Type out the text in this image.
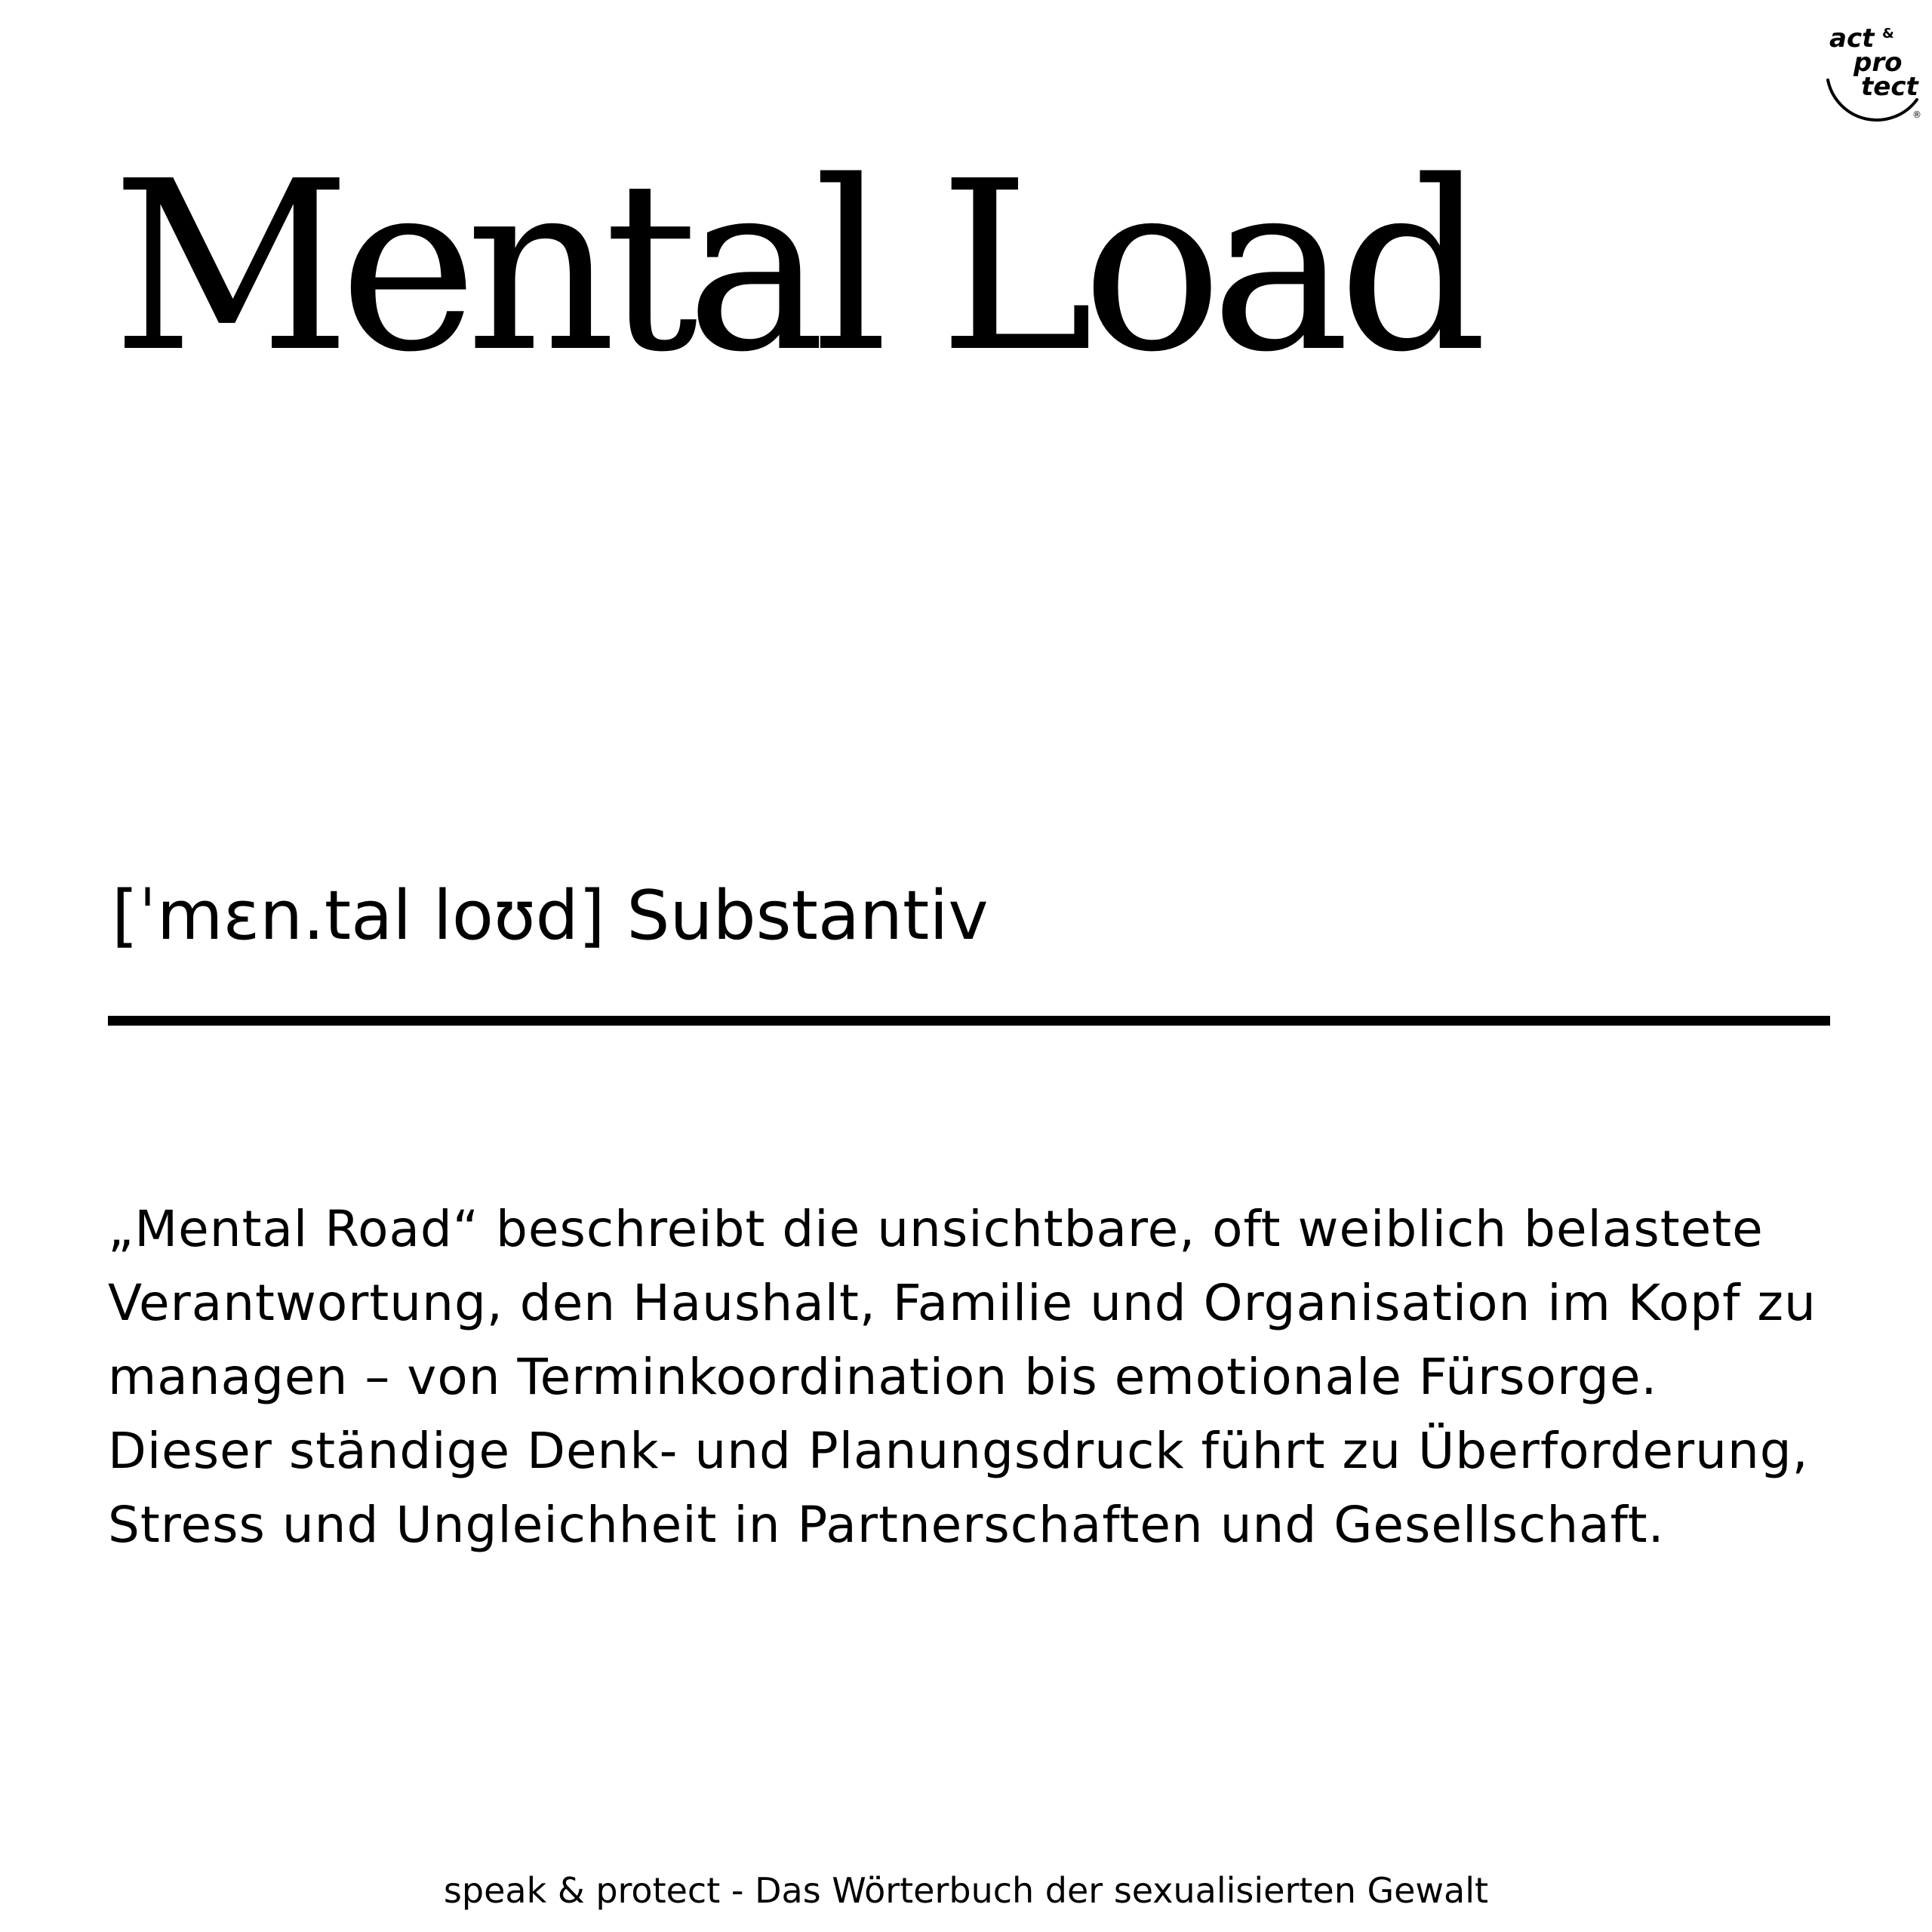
act &
pro
tect
®
Mental Load

[ˈmɛn.tal loʊd] Substantiv

„Mental Road“ beschreibt die unsichtbare, oft weiblich belastete Verantwortung, den Haushalt, Familie und Organisation im Kopf zu managen – von Terminkoordination bis emotionale Fürsorge. Dieser ständige Denk- und Planungsdruck führt zu Überforderung, Stress und Ungleichheit in Partnerschaften und Gesellschaft.

speak & protect - Das Wörterbuch der sexualisierten Gewalt
